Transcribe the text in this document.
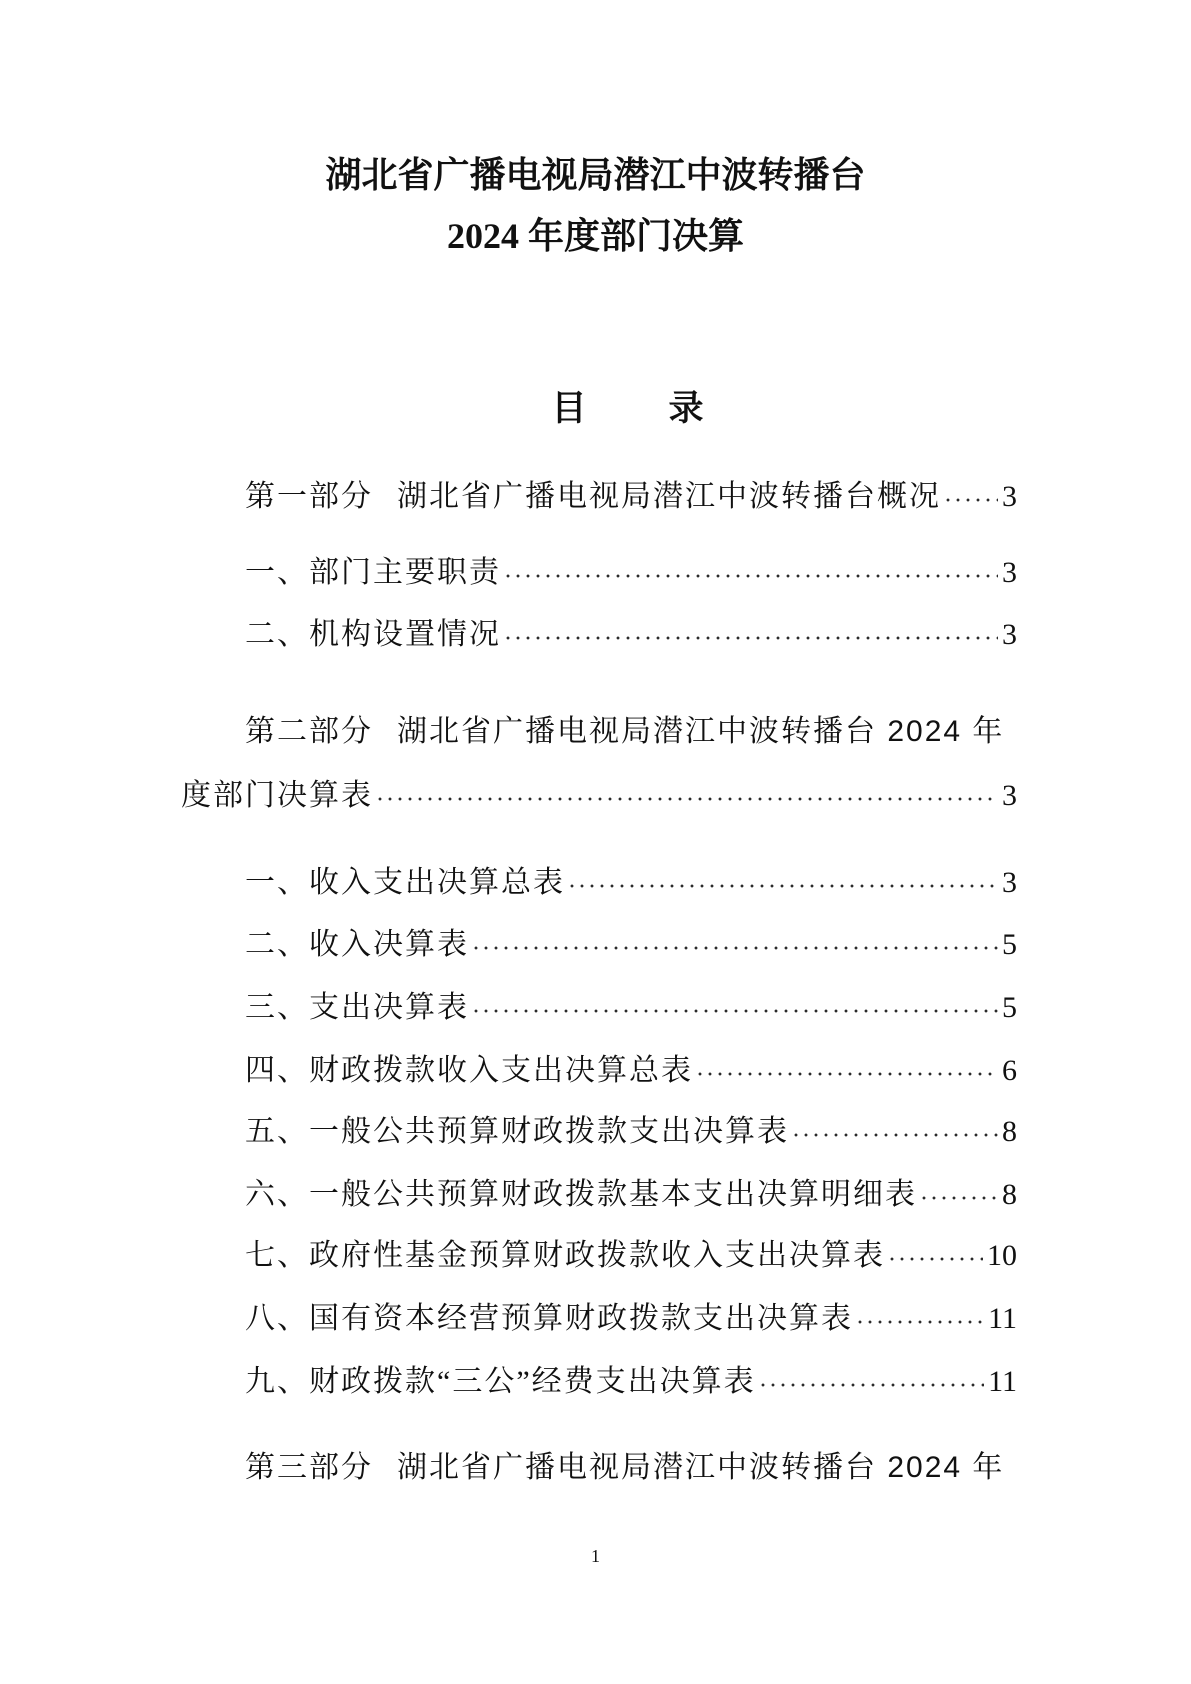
湖北省广播电视局潜江中波转播台
2024 年度部门决算
目　　录
第一部分 湖北省广播电视局潜江中波转播台概况 3
一、部门主要职责	3
二、机构设置情况	3
第二部分 湖北省广播电视局潜江中波转播台 2024 年
度部门决算表	3
一、收入支出决算总表	3
二、收入决算表	5
三、支出决算表	5
四、财政拨款收入支出决算总表	6
五、一般公共预算财政拨款支出决算表	8
六、一般公共预算财政拨款基本支出决算明细表	8
七、政府性基金预算财政拨款收入支出决算表	10
八、国有资本经营预算财政拨款支出决算表	11
九、财政拨款“三公”经费支出决算表	11
第三部分 湖北省广播电视局潜江中波转播台 2024 年
1
